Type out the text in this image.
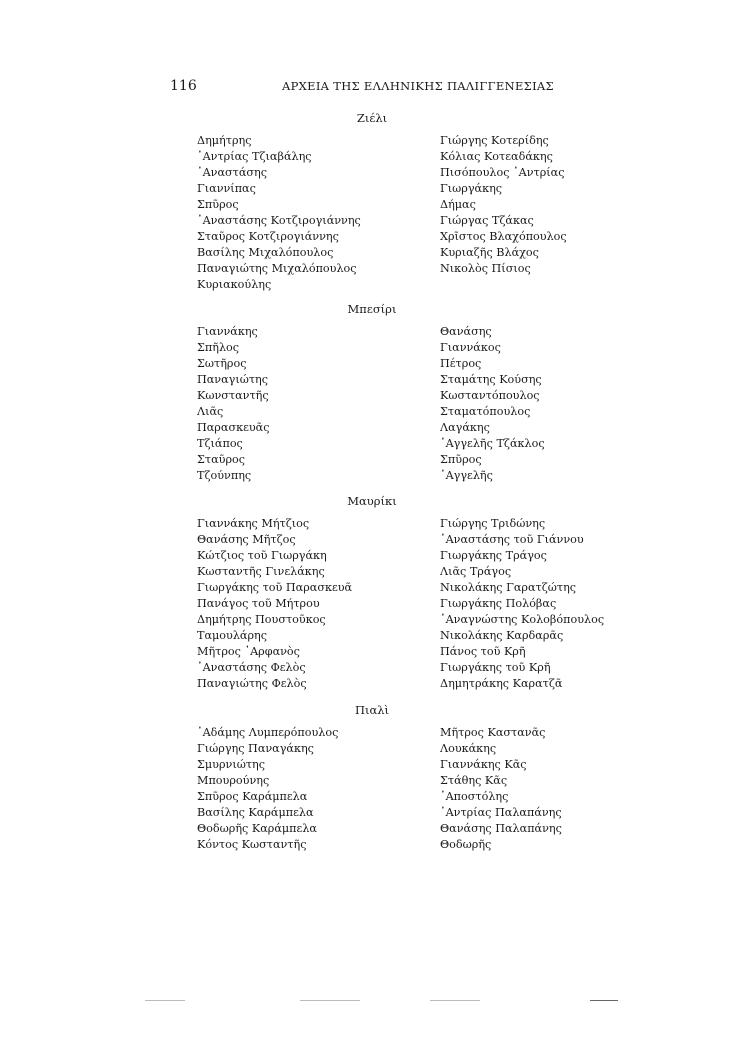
116	ΑΡΧΕΙΑ ΤΗΣ ΕΛΛΗΝΙΚΗΣ ΠΑΛΙΓΓΕΝΕΣΙΑΣ
Ζιέλι
Δημήτρης
᾽Αντρίας Τζιαβάλης
᾽Αναστάσης
Γιαννίπας
Σπῦρος
᾽Αναστάσης Κοτζιρογιάννης
Σταῦρος Κοτζιρογιάννης
Βασίλης Μιχαλόπουλος
Παναγιώτης Μιχαλόπουλος
Κυριακούλης
Γιώργης Κοτερίδης
Κόλιας Κοτεαδάκης
Πισόπουλος ᾽Αντρίας
Γιωργάκης
Δήμας
Γιώργας Τζάκας
Χρῖστος Βλαχόπουλος
Κυριαζῆς Βλάχος
Νικολὸς Πίσιος
Μπεσίρι
Γιαννάκης
Σπῆλος
Σωτῆρος
Παναγιώτης
Κωνσταντῆς
Λιᾶς
Παρασκευᾶς
Τζιάπος
Σταῦρος
Τζούνπης
Θανάσης
Γιαννάκος
Πέτρος
Σταμάτης Κούσης
Κωσταντόπουλος
Σταματόπουλος
Λαγάκης
᾽Αγγελῆς Τζάκλος
Σπῦρος
᾽Αγγελῆς
Μαυρίκι
Γιαννάκης Μήτζιος
Θανάσης Μῆτζος
Κώτζιος τοῦ Γιωργάκη
Κωσταντῆς Γινελάκης
Γιωργάκης τοῦ Παρασκευᾶ
Πανάγος τοῦ Μήτρου
Δημήτρης Πουστοῦκος
Ταμουλάρης
Μῆτρος ᾽Αρφανὸς
᾽Αναστάσης Φελὸς
Παναγιώτης Φελὸς
Γιώργης Τριδώνης
᾽Αναστάσης τοῦ Γιάννου
Γιωργάκης Τράγος
Λιᾶς Τράγος
Νικολάκης Γαρατζώτης
Γιωργάκης Πολόβας
᾽Αναγνώστης Κολοβόπουλος
Νικολάκης Καρδαρᾶς
Πάνος τοῦ Κρῆ
Γιωργάκης τοῦ Κρῆ
Δημητράκης Καρατζᾶ
Πιαλὶ
᾽Αδάμης Λυμπερόπουλος
Γιώργης Παναγάκης
Σμυρνιώτης
Μπουρούνης
Σπῦρος Καράμπελα
Βασίλης Καράμπελα
Θοδωρῆς Καράμπελα
Κόντος Κωσταντῆς
Μῆτρος Καστανᾶς
Λουκάκης
Γιαννάκης Κᾶς
Στάθης Κᾶς
᾽Αποστόλης
᾽Αντρίας Παλαπάνης
Θανάσης Παλαπάνης
Θοδωρῆς
